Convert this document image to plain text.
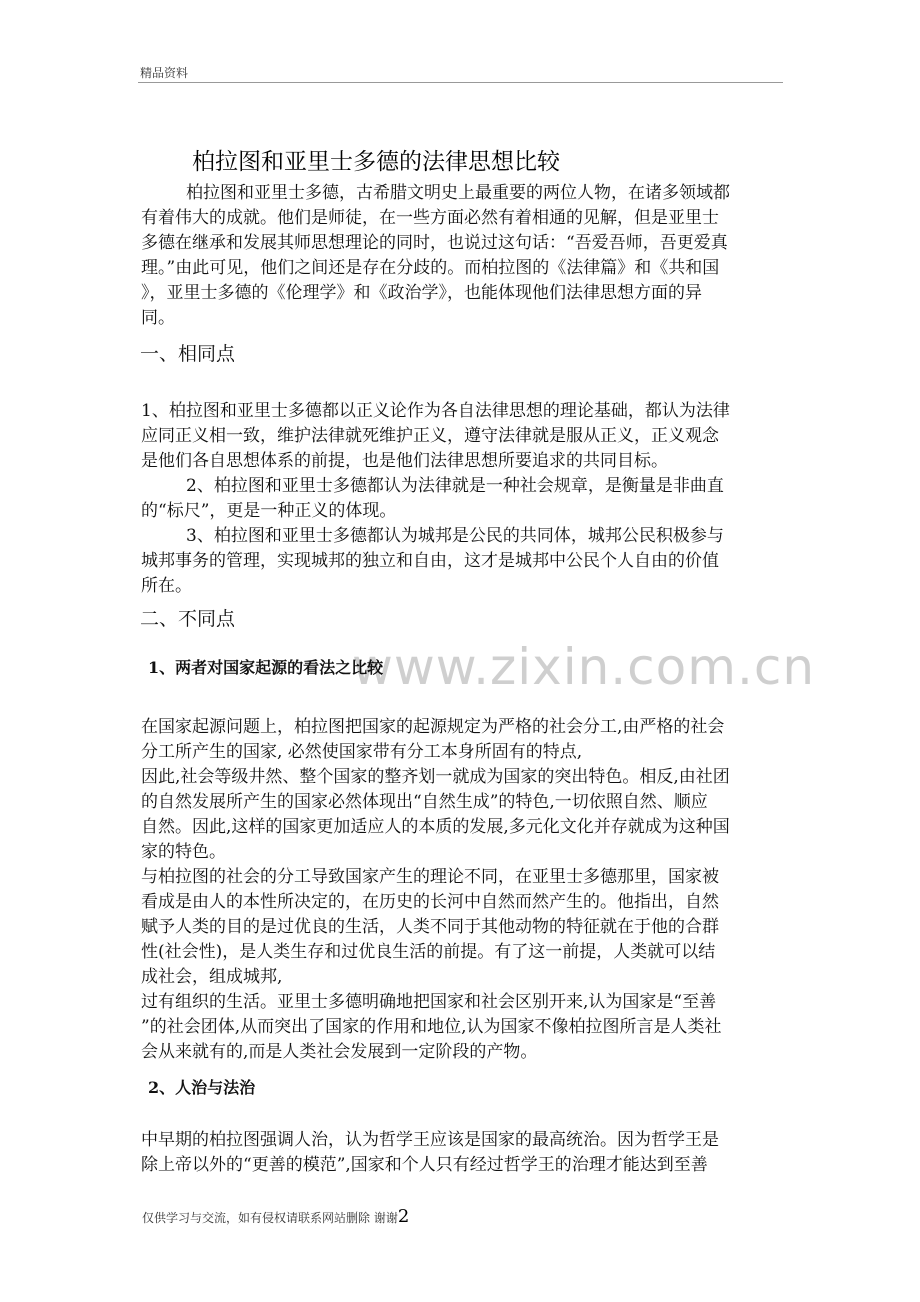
精品资料
www.zixin.com.cn
柏拉图和亚里士多德的法律思想比较
柏拉图和亚里士多德，古希腊文明史上最重要的两位人物，在诸多领域都
有着伟大的成就。他们是师徒，在一些方面必然有着相通的见解，但是亚里士
多德在继承和发展其师思想理论的同时，也说过这句话：“吾爱吾师，吾更爱真
理。”由此可见，他们之间还是存在分歧的。而柏拉图的《法律篇》和《共和国
》，亚里士多德的《伦理学》和《政治学》，也能体现他们法律思想方面的异
同。
一、相同点
1、柏拉图和亚里士多德都以正义论作为各自法律思想的理论基础，都认为法律
应同正义相一致，维护法律就死维护正义，遵守法律就是服从正义，正义观念
是他们各自思想体系的前提，也是他们法律思想所要追求的共同目标。
2、柏拉图和亚里士多德都认为法律就是一种社会规章，是衡量是非曲直
的“标尺”，更是一种正义的体现。
3、柏拉图和亚里士多德都认为城邦是公民的共同体，城邦公民积极参与
城邦事务的管理，实现城邦的独立和自由，这才是城邦中公民个人自由的价值
所在。
二、不同点
1、两者对国家起源的看法之比较
在国家起源问题上，柏拉图把国家的起源规定为严格的社会分工,由严格的社会
分工所产生的国家, 必然使国家带有分工本身所固有的特点,
因此,社会等级井然、整个国家的整齐划一就成为国家的突出特色。相反,由社团
的自然发展所产生的国家必然体现出“自然生成”的特色,一切依照自然、顺应
自然。因此,这样的国家更加适应人的本质的发展,多元化文化并存就成为这种国
家的特色。
与柏拉图的社会的分工导致国家产生的理论不同，在亚里士多德那里，国家被
看成是由人的本性所决定的，在历史的长河中自然而然产生的。他指出，自然
赋予人类的目的是过优良的生活，人类不同于其他动物的特征就在于他的合群
性(社会性)，是人类生存和过优良生活的前提。有了这一前提，人类就可以结
成社会，组成城邦,
过有组织的生活。亚里士多德明确地把国家和社会区别开来,认为国家是“至善
”的社会团体,从而突出了国家的作用和地位,认为国家不像柏拉图所言是人类社
会从来就有的,而是人类社会发展到一定阶段的产物。
2、人治与法治
中早期的柏拉图强调人治，认为哲学王应该是国家的最高统治。因为哲学王是
除上帝以外的“更善的模范”,国家和个人只有经过哲学王的治理才能达到至善
仅供学习与交流，如有侵权请联系网站删除 谢谢2
